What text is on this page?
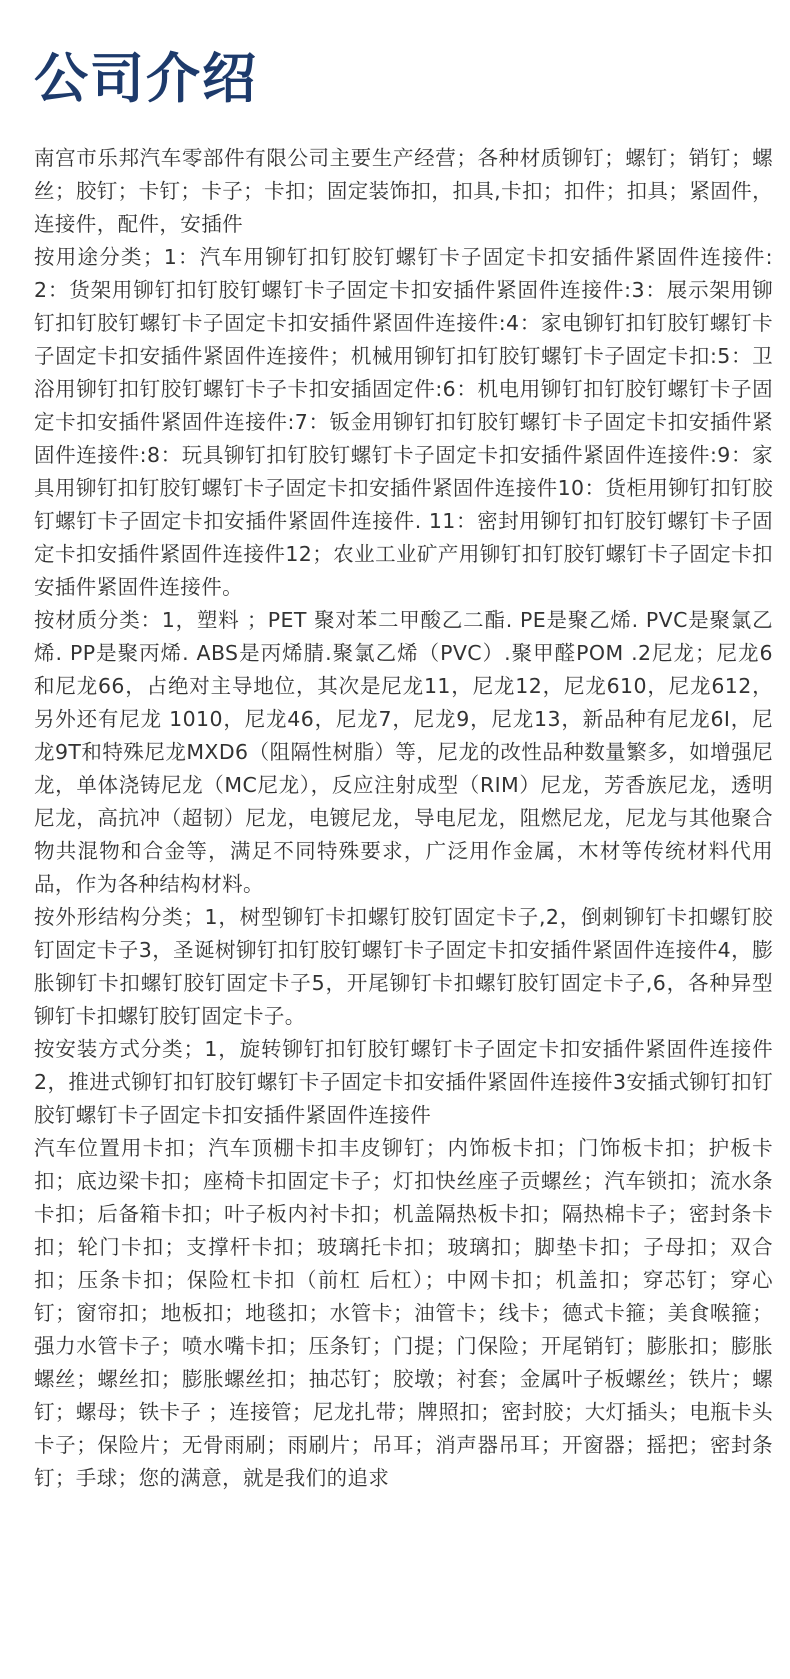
公司介绍

南宫市乐邦汽车零部件有限公司主要生产经营；各种材质铆钉；螺钉；销钉；螺丝；胶钉；卡钉；卡子；卡扣；固定装饰扣，扣具,卡扣；扣件；扣具；紧固件，连接件，配件，安插件

按用途分类；1：汽车用铆钉扣钉胶钉螺钉卡子固定卡扣安插件紧固件连接件:2：货架用铆钉扣钉胶钉螺钉卡子固定卡扣安插件紧固件连接件:3：展示架用铆钉扣钉胶钉螺钉卡子固定卡扣安插件紧固件连接件:4：家电铆钉扣钉胶钉螺钉卡子固定卡扣安插件紧固件连接件；机械用铆钉扣钉胶钉螺钉卡子固定卡扣:5：卫浴用铆钉扣钉胶钉螺钉卡子卡扣安插固定件:6：机电用铆钉扣钉胶钉螺钉卡子固定卡扣安插件紧固件连接件:7：钣金用铆钉扣钉胶钉螺钉卡子固定卡扣安插件紧固件连接件:8：玩具铆钉扣钉胶钉螺钉卡子固定卡扣安插件紧固件连接件:9：家具用铆钉扣钉胶钉螺钉卡子固定卡扣安插件紧固件连接件10：货柜用铆钉扣钉胶钉螺钉卡子固定卡扣安插件紧固件连接件. 11：密封用铆钉扣钉胶钉螺钉卡子固定卡扣安插件紧固件连接件12；农业工业矿产用铆钉扣钉胶钉螺钉卡子固定卡扣安插件紧固件连接件。

按材质分类：1，塑料 ；PET 聚对苯二甲酸乙二酯. PE是聚乙烯. PVC是聚氯乙烯. PP是聚丙烯. ABS是丙烯腈.聚氯乙烯（PVC）.聚甲醛POM .2尼龙；尼龙6和尼龙66，占绝对主导地位，其次是尼龙11，尼龙12，尼龙610，尼龙612，另外还有尼龙 1010，尼龙46，尼龙7，尼龙9，尼龙13，新品种有尼龙6I，尼龙9T和特殊尼龙MXD6（阻隔性树脂）等，尼龙的改性品种数量繁多，如增强尼龙，单体浇铸尼龙（MC尼龙），反应注射成型（RIM）尼龙，芳香族尼龙，透明尼龙，高抗冲（超韧）尼龙，电镀尼龙，导电尼龙，阻燃尼龙，尼龙与其他聚合物共混物和合金等，满足不同特殊要求，广泛用作金属，木材等传统材料代用品，作为各种结构材料。

按外形结构分类；1，树型铆钉卡扣螺钉胶钉固定卡子,2，倒刺铆钉卡扣螺钉胶钉固定卡子3，圣诞树铆钉扣钉胶钉螺钉卡子固定卡扣安插件紧固件连接件4，膨胀铆钉卡扣螺钉胶钉固定卡子5，开尾铆钉卡扣螺钉胶钉固定卡子,6，各种异型铆钉卡扣螺钉胶钉固定卡子。

按安装方式分类；1，旋转铆钉扣钉胶钉螺钉卡子固定卡扣安插件紧固件连接件2，推进式铆钉扣钉胶钉螺钉卡子固定卡扣安插件紧固件连接件3安插式铆钉扣钉胶钉螺钉卡子固定卡扣安插件紧固件连接件

汽车位置用卡扣；汽车顶棚卡扣丰皮铆钉；内饰板卡扣；门饰板卡扣；护板卡扣；底边梁卡扣；座椅卡扣固定卡子；灯扣快丝座子贡螺丝；汽车锁扣；流水条卡扣；后备箱卡扣；叶子板内衬卡扣；机盖隔热板卡扣；隔热棉卡子；密封条卡扣；轮门卡扣；支撑杆卡扣；玻璃托卡扣；玻璃扣；脚垫卡扣；子母扣；双合扣；压条卡扣；保险杠卡扣（前杠 后杠）；中网卡扣；机盖扣；穿芯钉；穿心钉；窗帘扣；地板扣；地毯扣；水管卡；油管卡；线卡；德式卡箍；美食喉箍；强力水管卡子；喷水嘴卡扣；压条钉；门提；门保险；开尾销钉；膨胀扣；膨胀螺丝；螺丝扣；膨胀螺丝扣；抽芯钉；胶墩；衬套；金属叶子板螺丝；铁片；螺钉；螺母；铁卡子 ；连接管；尼龙扎带；牌照扣；密封胶；大灯插头；电瓶卡头卡子；保险片；无骨雨刷；雨刷片；吊耳；消声器吊耳；开窗器；摇把；密封条钉；手球；您的满意，就是我们的追求
